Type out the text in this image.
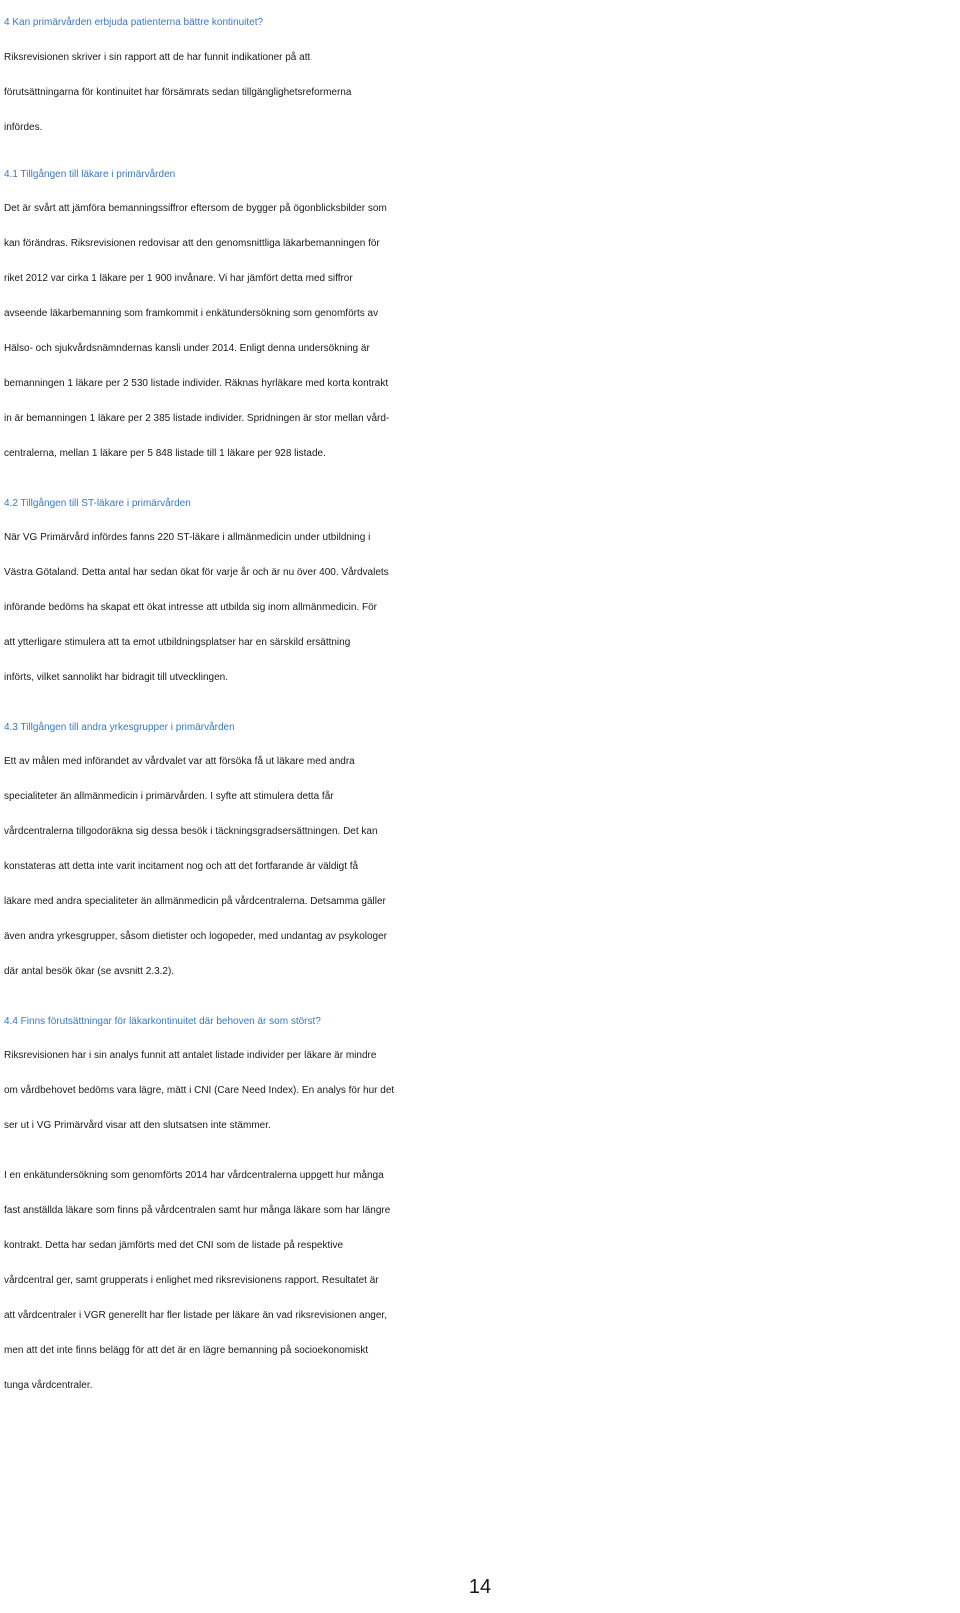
4 Kan primärvården erbjuda patienterna bättre kontinuitet?
Riksrevisionen skriver i sin rapport att de har funnit indikationer på att
förutsättningarna för kontinuitet har försämrats sedan tillgänglighetsreformerna
infördes.
4.1 Tillgången till läkare i primärvården
Det är svårt att jämföra bemanningssiffror eftersom de bygger på ögonblicksbilder som
kan förändras. Riksrevisionen redovisar att den genomsnittliga läkarbemanningen för
riket 2012 var cirka 1 läkare per 1 900 invånare. Vi har jämfört detta med siffror
avseende läkarbemanning som framkommit i enkätundersökning som genomförts av
Hälso- och sjukvårdsnämndernas kansli under 2014. Enligt denna undersökning är
bemanningen 1 läkare per 2 530 listade individer. Räknas hyrläkare med korta kontrakt
in är bemanningen 1 läkare per 2 385 listade individer. Spridningen är stor mellan vård-
centralerna, mellan 1 läkare per 5 848 listade till 1 läkare per 928 listade.
4.2 Tillgången till ST-läkare i primärvården
När VG Primärvård infördes fanns 220 ST-läkare i allmänmedicin under utbildning i
Västra Götaland. Detta antal har sedan ökat för varje år och är nu över 400. Vårdvalets
införande bedöms ha skapat ett ökat intresse att utbilda sig inom allmänmedicin. För
att ytterligare stimulera att ta emot utbildningsplatser har en särskild ersättning
införts, vilket sannolikt har bidragit till utvecklingen.
4.3 Tillgången till andra yrkesgrupper i primärvården
Ett av målen med införandet av vårdvalet var att försöka få ut läkare med andra
specialiteter än allmänmedicin i primärvården. I syfte att stimulera detta får
vårdcentralerna tillgodoräkna sig dessa besök i täckningsgradsersättningen. Det kan
konstateras att detta inte varit incitament nog och att det fortfarande är väldigt få
läkare med andra specialiteter än allmänmedicin på vårdcentralerna. Detsamma gäller
även andra yrkesgrupper, såsom dietister och logopeder, med undantag av psykologer
där antal besök ökar (se avsnitt 2.3.2).
4.4 Finns förutsättningar för läkarkontinuitet där behoven är som störst?
Riksrevisionen har i sin analys funnit att antalet listade individer per läkare är mindre
om vårdbehovet bedöms vara lägre, mätt i CNI (Care Need Index). En analys för hur det
ser ut i VG Primärvård visar att den slutsatsen inte stämmer.
I en enkätundersökning som genomförts 2014 har vårdcentralerna uppgett hur många
fast anställda läkare som finns på vårdcentralen samt hur många läkare som har längre
kontrakt. Detta har sedan jämförts med det CNI som de listade på respektive
vårdcentral ger, samt grupperats i enlighet med riksrevisionens rapport. Resultatet är
att vårdcentraler i VGR generellt har fler listade per läkare än vad riksrevisionen anger,
men att det inte finns belägg för att det är en lägre bemanning på socioekonomiskt
tunga vårdcentraler.
14
